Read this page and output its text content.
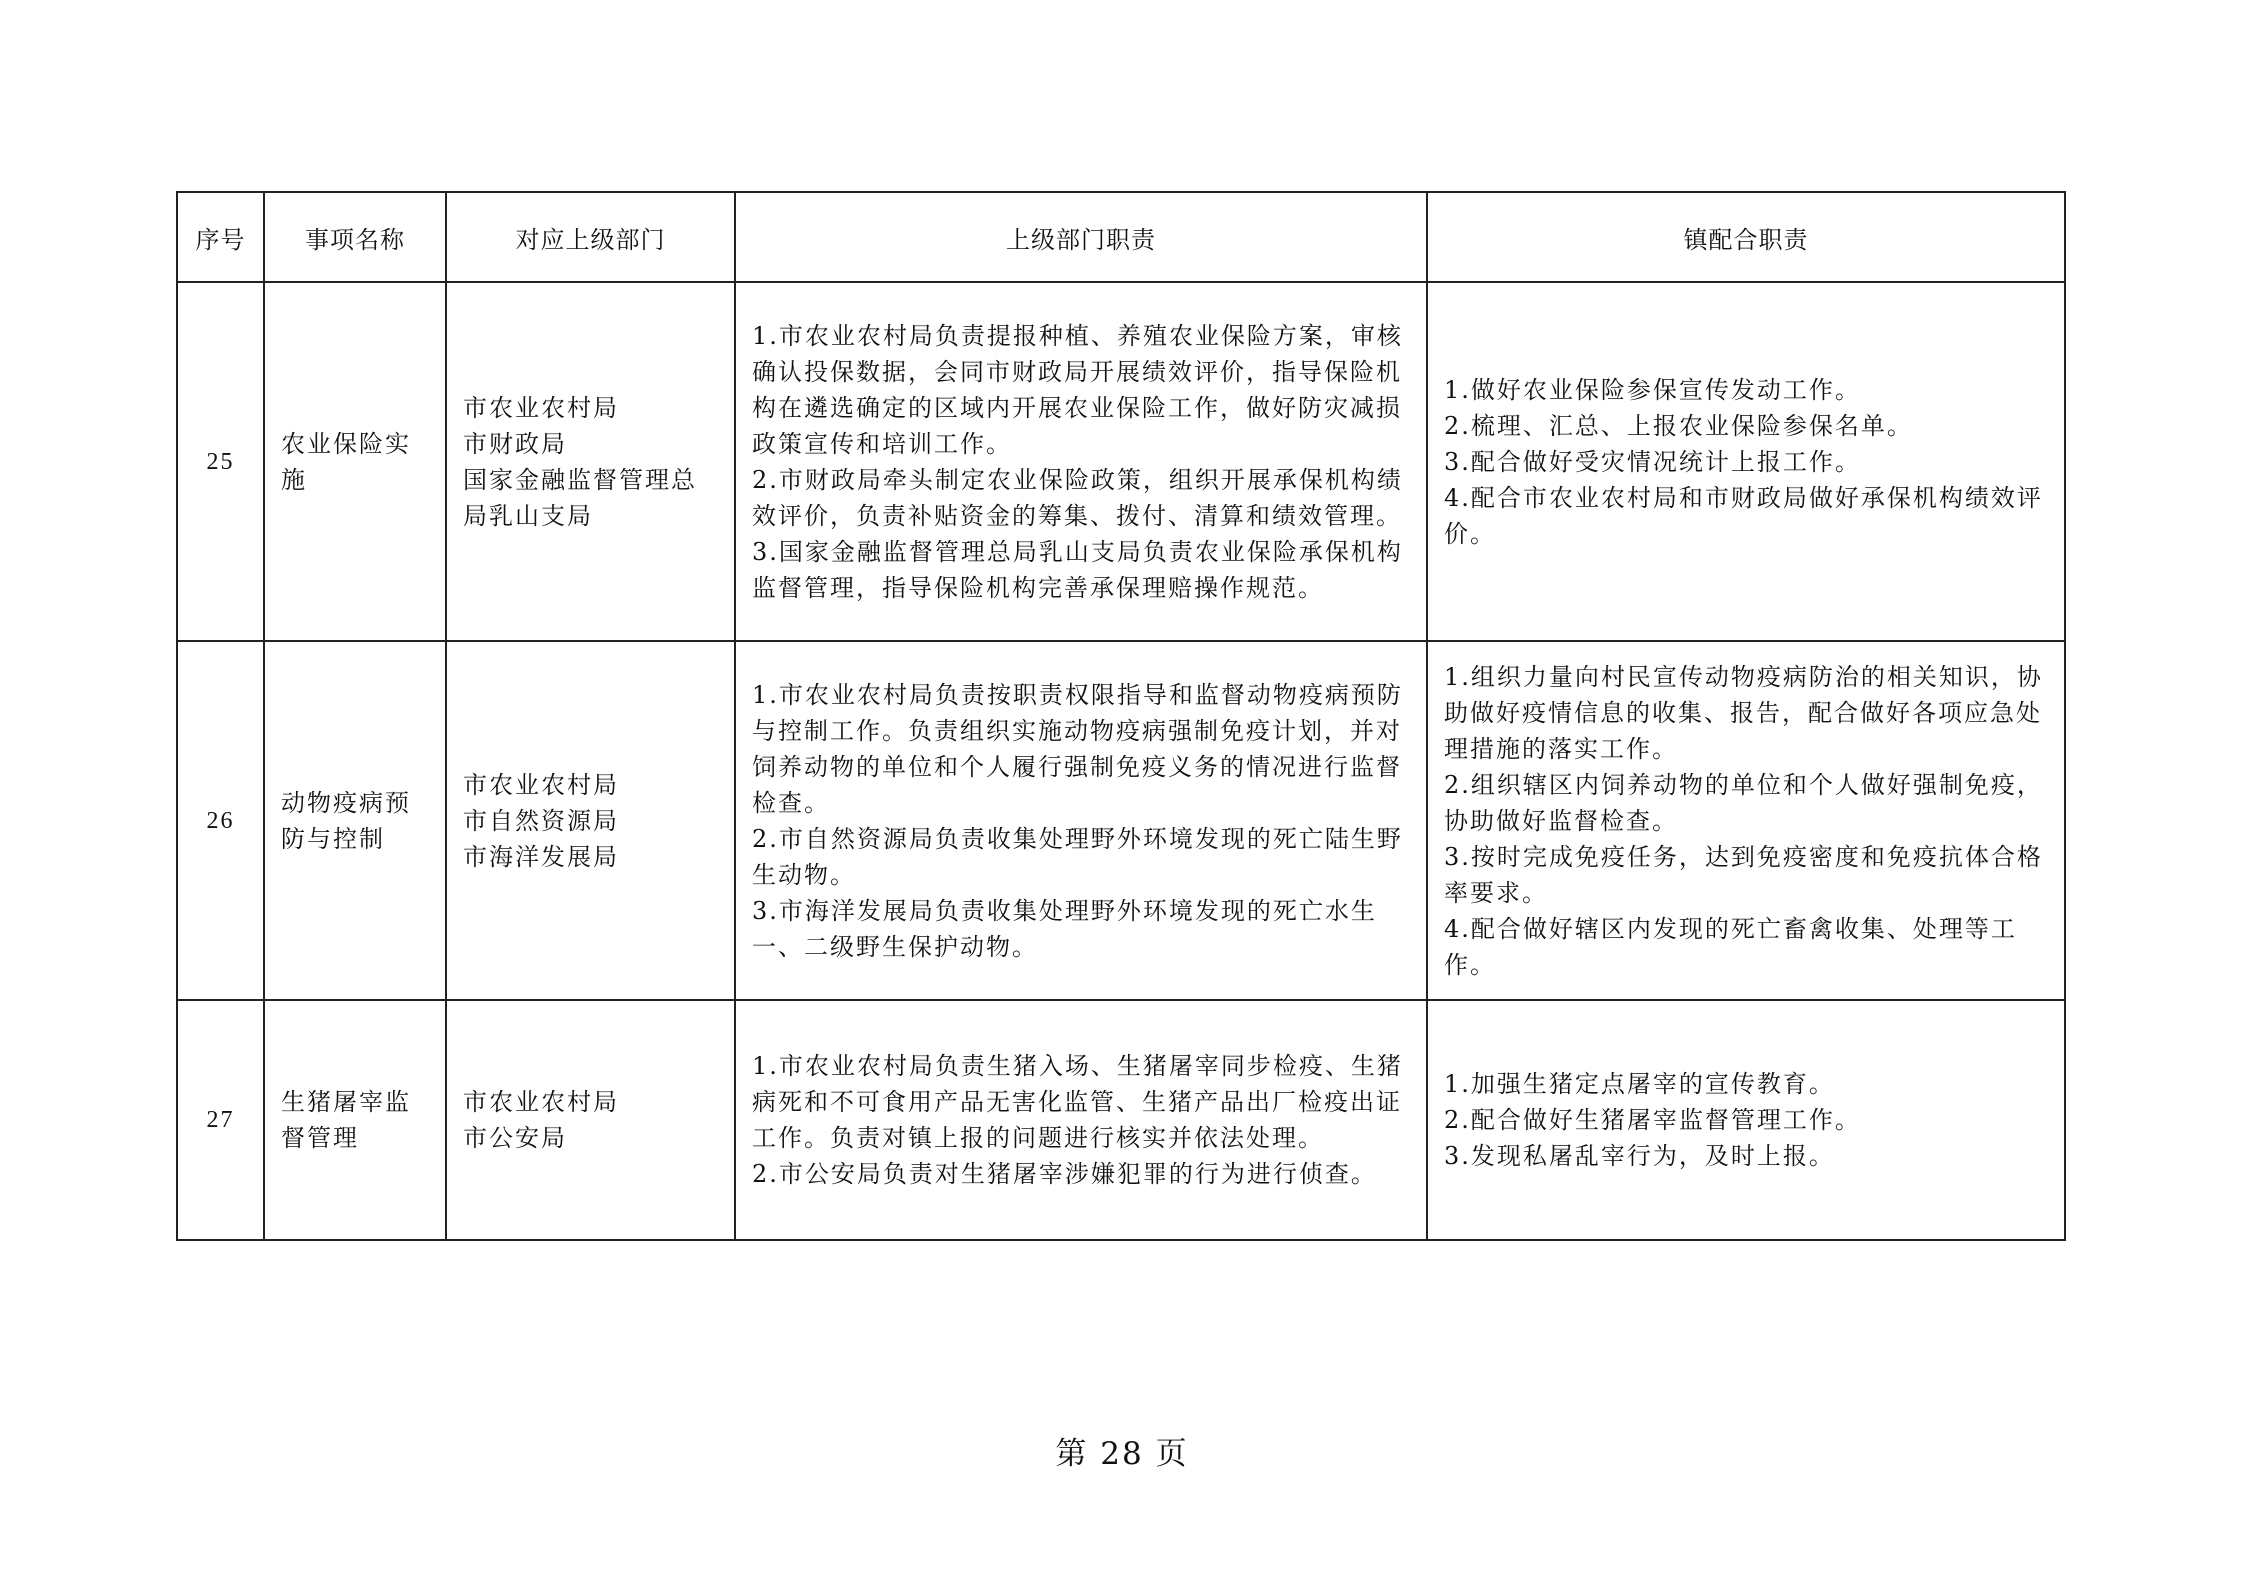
序号	事项名称	对应上级部门	上级部门职责	镇配合职责
25	农业保险实
施	市农业农村局
市财政局
国家金融监督管理总
局乳山支局	1.市农业农村局负责提报种植、养殖农业保险方案，审核确认投保数据，会同市财政局开展绩效评价，指导保险机构在遴选确定的区域内开展农业保险工作，做好防灾减损政策宣传和培训工作。
2.市财政局牵头制定农业保险政策，组织开展承保机构绩效评价，负责补贴资金的筹集、拨付、清算和绩效管理。
3.国家金融监督管理总局乳山支局负责农业保险承保机构监督管理，指导保险机构完善承保理赔操作规范。	1.做好农业保险参保宣传发动工作。
2.梳理、汇总、上报农业保险参保名单。
3.配合做好受灾情况统计上报工作。
4.配合市农业农村局和市财政局做好承保机构绩效评价。

26	动物疫病预
防与控制	市农业农村局
市自然资源局
市海洋发展局	1.市农业农村局负责按职责权限指导和监督动物疫病预防与控制工作。负责组织实施动物疫病强制免疫计划，并对饲养动物的单位和个人履行强制免疫义务的情况进行监督检查。
2.市自然资源局负责收集处理野外环境发现的死亡陆生野生动物。
3.市海洋发展局负责收集处理野外环境发现的死亡水生一、二级野生保护动物。	1.组织力量向村民宣传动物疫病防治的相关知识，协助做好疫情信息的收集、报告，配合做好各项应急处理措施的落实工作。
2.组织辖区内饲养动物的单位和个人做好强制免疫，协助做好监督检查。
3.按时完成免疫任务，达到免疫密度和免疫抗体合格率要求。
4.配合做好辖区内发现的死亡畜禽收集、处理等工作。

27	生猪屠宰监
督管理	市农业农村局
市公安局	1.市农业农村局负责生猪入场、生猪屠宰同步检疫、生猪病死和不可食用产品无害化监管、生猪产品出厂检疫出证工作。负责对镇上报的问题进行核实并依法处理。
2.市公安局负责对生猪屠宰涉嫌犯罪的行为进行侦查。	1.加强生猪定点屠宰的宣传教育。
2.配合做好生猪屠宰监督管理工作。
3.发现私屠乱宰行为，及时上报。
第 28 页
